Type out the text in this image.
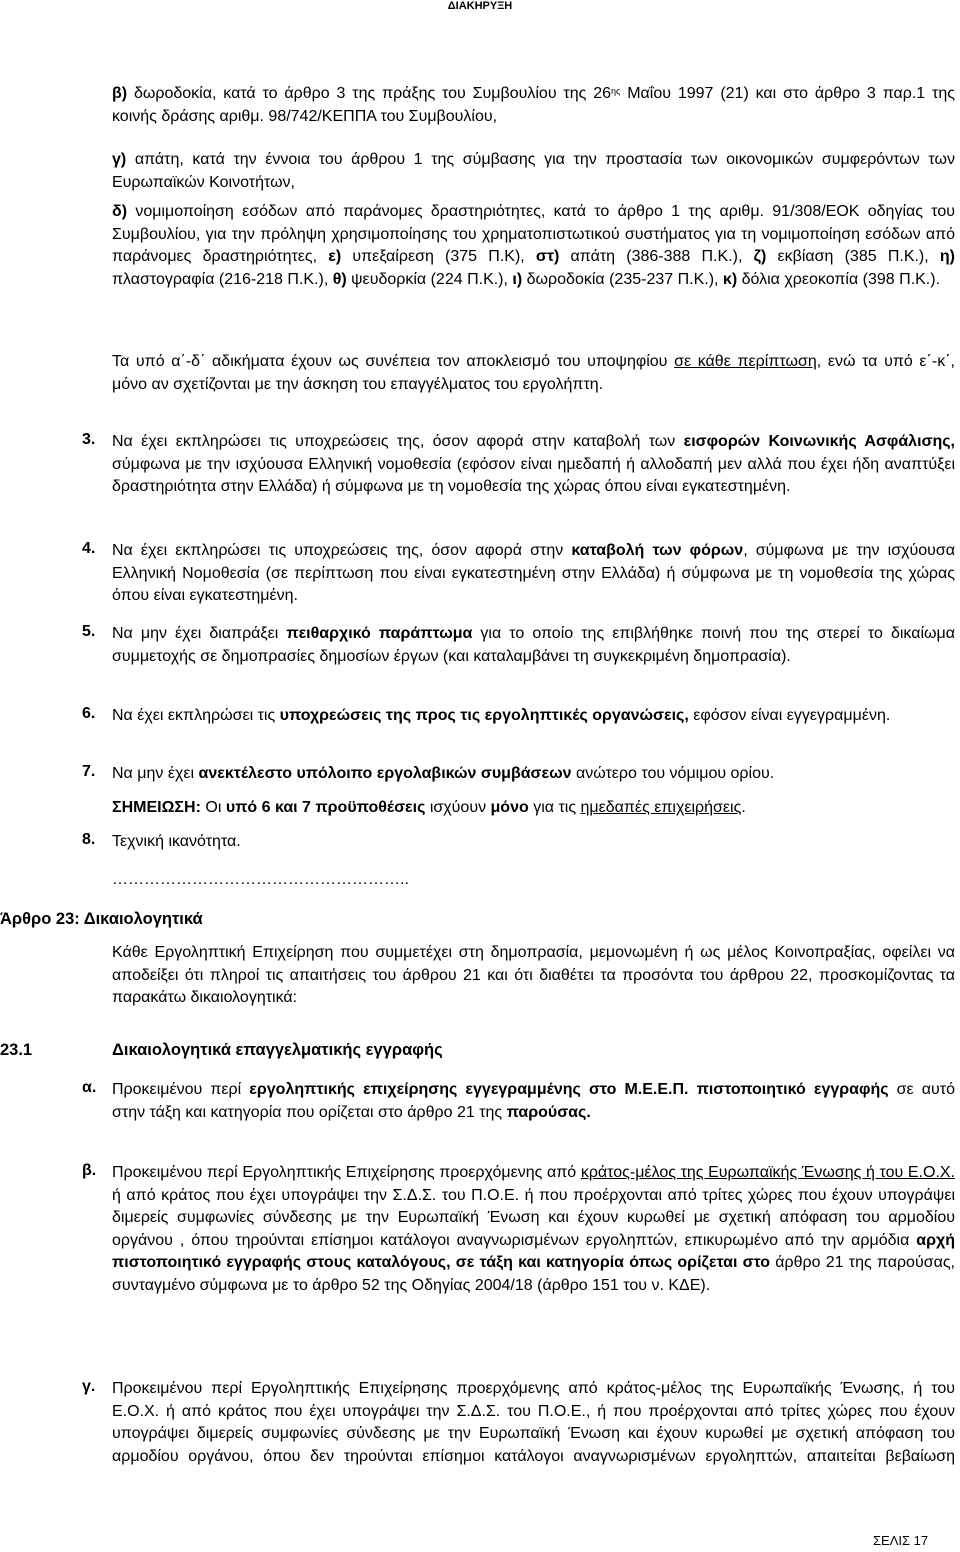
ΔΙΑΚΗΡΥΞΗ
β) δωροδοκία, κατά το άρθρο 3 της πράξης του Συμβουλίου της $26^{\eta\varsigma}$ Μαΐου 1997 (21) και στο άρθρο 3 παρ.1 της κοινής δράσης αριθμ. 98/742/ΚΕΠΠΑ του Συμβουλίου,
γ) απάτη, κατά την έννοια του άρθρου 1 της σύμβασης για την προστασία των οικονομικών συμφερόντων των Ευρωπαϊκών Κοινοτήτων,
δ) νομιμοποίηση εσόδων από παράνομες δραστηριότητες, κατά το άρθρο 1 της αριθμ. 91/308/ΕΟΚ οδηγίας του Συμβουλίου, για την πρόληψη χρησιμοποίησης του χρηματοπιστωτικού συστήματος για τη νομιμοποίηση εσόδων από παράνομες δραστηριότητες, ε) υπεξαίρεση (375 Π.Κ), στ) απάτη (386-388 Π.Κ.), ζ) εκβίαση (385 Π.Κ.), η) πλαστογραφία (216-218 Π.Κ.), θ) ψευδορκία (224 Π.Κ.), ι) δωροδοκία (235-237 Π.Κ.), κ) δόλια χρεοκοπία (398 Π.Κ.).
Τα υπό α΄-δ΄ αδικήματα έχουν ως συνέπεια τον αποκλεισμό του υποψηφίου σε κάθε περίπτωση, ενώ τα υπό ε΄-κ΄, μόνο αν σχετίζονται με την άσκηση του επαγγέλματος του εργολήπτη.
3. Να έχει εκπληρώσει τις υποχρεώσεις της, όσον αφορά στην καταβολή των εισφορών Κοινωνικής Ασφάλισης, σύμφωνα με την ισχύουσα Ελληνική νομοθεσία (εφόσον είναι ημεδαπή ή αλλοδαπή μεν αλλά που έχει ήδη αναπτύξει δραστηριότητα στην Ελλάδα) ή σύμφωνα με τη νομοθεσία της χώρας όπου είναι εγκατεστημένη.
4. Να έχει εκπληρώσει τις υποχρεώσεις της, όσον αφορά στην καταβολή των φόρων, σύμφωνα με την ισχύουσα Ελληνική Νομοθεσία (σε περίπτωση που είναι εγκατεστημένη στην Ελλάδα) ή σύμφωνα με τη νομοθεσία της χώρας όπου είναι εγκατεστημένη.
5. Να μην έχει διαπράξει πειθαρχικό παράπτωμα για το οποίο της επιβλήθηκε ποινή που της στερεί το δικαίωμα συμμετοχής σε δημοπρασίες δημοσίων έργων (και καταλαμβάνει τη συγκεκριμένη δημοπρασία).
6. Να έχει εκπληρώσει τις υποχρεώσεις της προς τις εργοληπτικές οργανώσεις, εφόσον είναι εγγεγραμμένη.
7. Να μην έχει ανεκτέλεστο υπόλοιπο εργολαβικών συμβάσεων ανώτερο του νόμιμου ορίου.
ΣΗΜΕΙΩΣΗ: Οι υπό 6 και 7 προϋποθέσεις ισχύουν μόνο για τις ημεδαπές επιχειρήσεις.
8. Τεχνική ικανότητα.
………………………………………………..
Άρθρο 23: Δικαιολογητικά
Κάθε Εργοληπτική Επιχείρηση που συμμετέχει στη δημοπρασία, μεμονωμένη ή ως μέλος Κοινοπραξίας, οφείλει να αποδείξει ότι πληροί τις απαιτήσεις του άρθρου 21 και ότι διαθέτει τα προσόντα του άρθρου 22, προσκομίζοντας τα παρακάτω δικαιολογητικά:
23.1	Δικαιολογητικά επαγγελματικής εγγραφής
α. Προκειμένου περί εργοληπτικής επιχείρησης εγγεγραμμένης στο Μ.Ε.Ε.Π. πιστοποιητικό εγγραφής σε αυτό στην τάξη και κατηγορία που ορίζεται στο άρθρο 21 της παρούσας.
β. Προκειμένου περί Εργοληπτικής Επιχείρησης προερχόμενης από κράτος-μέλος της Ευρωπαϊκής Ένωσης ή του Ε.Ο.Χ. ή από κράτος που έχει υπογράψει την Σ.Δ.Σ. του Π.Ο.Ε. ή που προέρχονται από τρίτες χώρες που έχουν υπογράψει διμερείς συμφωνίες σύνδεσης με την Ευρωπαϊκή Ένωση και έχουν κυρωθεί με σχετική απόφαση του αρμοδίου οργάνου , όπου τηρούνται επίσημοι κατάλογοι αναγνωρισμένων εργοληπτών, επικυρωμένο από την αρμόδια αρχή πιστοποιητικό εγγραφής στους καταλόγους, σε τάξη και κατηγορία όπως ορίζεται στο άρθρο 21 της παρούσας, συνταγμένο σύμφωνα με το άρθρο 52 της Οδηγίας 2004/18 (άρθρο 151 του ν. ΚΔΕ).
γ. Προκειμένου περί Εργοληπτικής Επιχείρησης προερχόμενης από κράτος-μέλος της Ευρωπαϊκής Ένωσης, ή του Ε.Ο.Χ. ή από κράτος που έχει υπογράψει την Σ.Δ.Σ. του Π.Ο.Ε., ή που προέρχονται από τρίτες χώρες που έχουν υπογράψει διμερείς συμφωνίες σύνδεσης με την Ευρωπαϊκή Ένωση και έχουν κυρωθεί με σχετική απόφαση του αρμοδίου οργάνου, όπου δεν τηρούνται επίσημοι κατάλογοι αναγνωρισμένων εργοληπτών, απαιτείται βεβαίωση
ΣΕΛΙΣ 17
